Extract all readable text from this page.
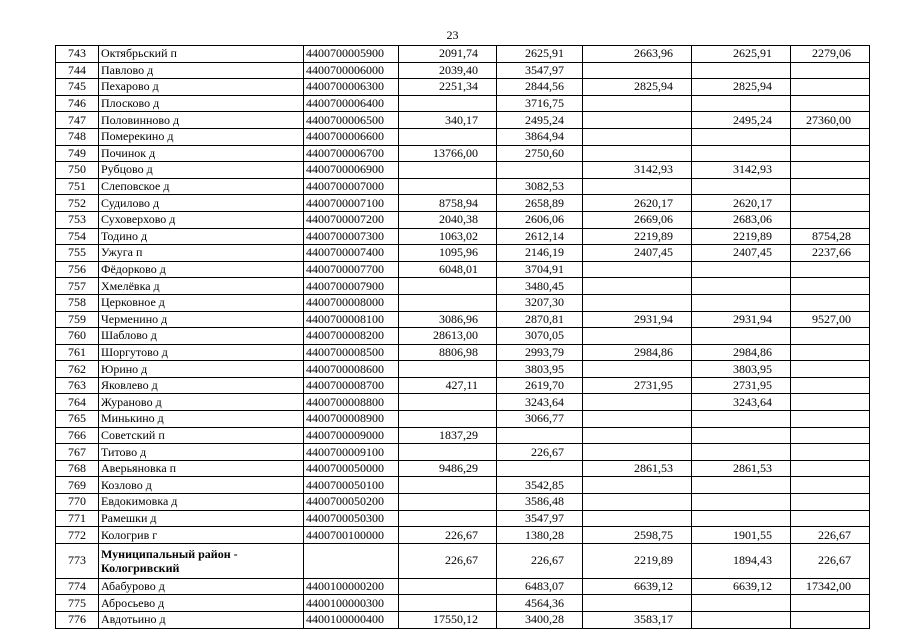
23
743	Октябрьский п	4400700005900	2091,74	2625,91	2663,96	2625,91	2279,06
744	Павлово д	4400700006000	2039,40	3547,97			
745	Пехарово д	4400700006300	2251,34	2844,56	2825,94	2825,94	
746	Плосково д	4400700006400		3716,75			
747	Половинново д	4400700006500	340,17	2495,24		2495,24	27360,00
748	Померекино д	4400700006600		3864,94			
749	Починок д	4400700006700	13766,00	2750,60			
750	Рубцово д	4400700006900			3142,93	3142,93	
751	Слеповское д	4400700007000		3082,53			
752	Судилово д	4400700007100	8758,94	2658,89	2620,17	2620,17	
753	Суховерхово д	4400700007200	2040,38	2606,06	2669,06	2683,06	
754	Тодино д	4400700007300	1063,02	2612,14	2219,89	2219,89	8754,28
755	Ужуга п	4400700007400	1095,96	2146,19	2407,45	2407,45	2237,66
756	Фёдорково д	4400700007700	6048,01	3704,91			
757	Хмелёвка д	4400700007900		3480,45			
758	Церковное д	4400700008000		3207,30			
759	Черменино д	4400700008100	3086,96	2870,81	2931,94	2931,94	9527,00
760	Шаблово д	4400700008200	28613,00	3070,05			
761	Шоргутово д	4400700008500	8806,98	2993,79	2984,86	2984,86	
762	Юрино д	4400700008600		3803,95		3803,95	
763	Яковлево д	4400700008700	427,11	2619,70	2731,95	2731,95	
764	Журановo д	4400700008800		3243,64		3243,64	
765	Минькино д	4400700008900		3066,77			
766	Советский п	4400700009000	1837,29				
767	Титово д	4400700009100		226,67			
768	Аверьяновка п	4400700050000	9486,29		2861,53	2861,53	
769	Козлово д	4400700050100		3542,85			
770	Евдокимовка д	4400700050200		3586,48			
771	Рамешки д	4400700050300		3547,97			
772	Кологрив г	4400700100000	226,67	1380,28	2598,75	1901,55	226,67
773	Муниципальный район - Кологривский		226,67	226,67	2219,89	1894,43	226,67
774	Абабурово д	4400100000200		6483,07	6639,12	6639,12	17342,00
775	Абросьево д	4400100000300		4564,36			
776	Авдотьино д	4400100000400	17550,12	3400,28	3583,17		
